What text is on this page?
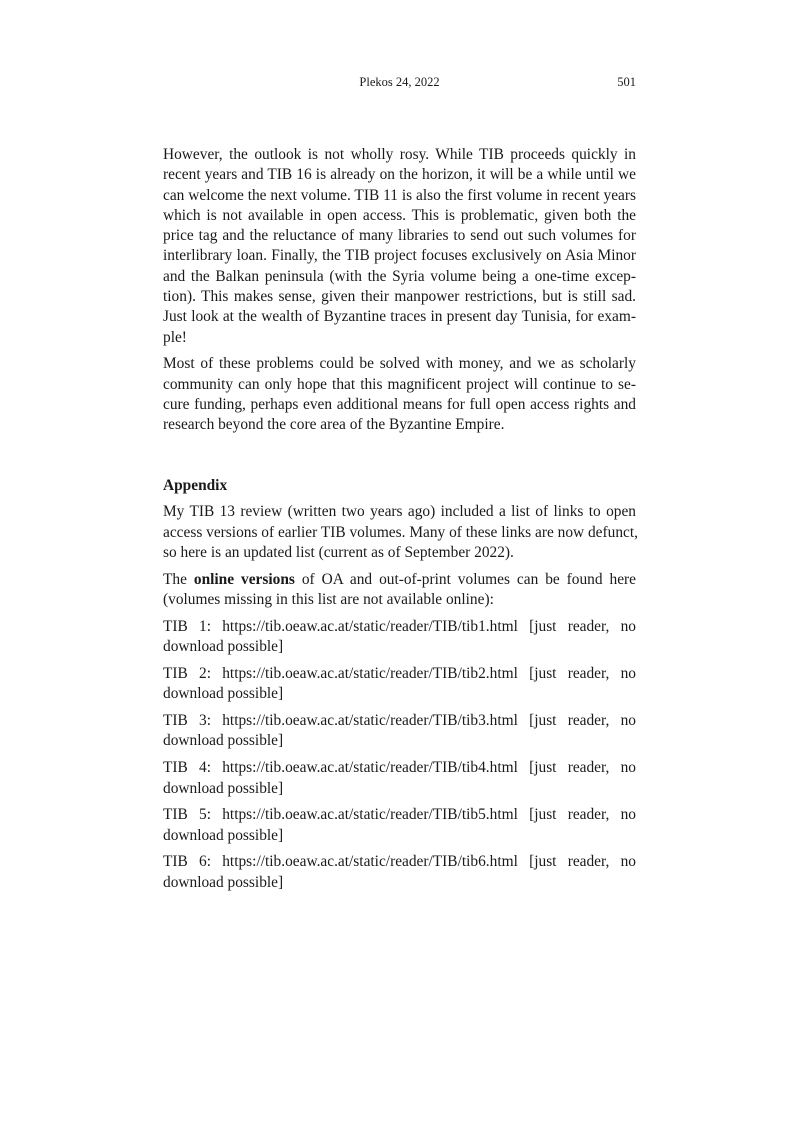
Plekos 24, 2022	501

However, the outlook is not wholly rosy. While TIB proceeds quickly in
recent years and TIB 16 is already on the horizon, it will be a while until we
can welcome the next volume. TIB 11 is also the first volume in recent years
which is not available in open access. This is problematic, given both the
price tag and the reluctance of many libraries to send out such volumes for
interlibrary loan. Finally, the TIB project focuses exclusively on Asia Minor
and the Balkan peninsula (with the Syria volume being a one-time excep-
tion). This makes sense, given their manpower restrictions, but is still sad.
Just look at the wealth of Byzantine traces in present day Tunisia, for exam-
ple!

Most of these problems could be solved with money, and we as scholarly
community can only hope that this magnificent project will continue to se-
cure funding, perhaps even additional means for full open access rights and
research beyond the core area of the Byzantine Empire.

Appendix

My TIB 13 review (written two years ago) included a list of links to open
access versions of earlier TIB volumes. Many of these links are now defunct,
so here is an updated list (current as of September 2022).

The online versions of OA and out-of-print volumes can be found here
(volumes missing in this list are not available online):

TIB 1: https://tib.oeaw.ac.at/static/reader/TIB/tib1.html [just reader, no
download possible]

TIB 2: https://tib.oeaw.ac.at/static/reader/TIB/tib2.html [just reader, no
download possible]

TIB 3: https://tib.oeaw.ac.at/static/reader/TIB/tib3.html [just reader, no
download possible]

TIB 4: https://tib.oeaw.ac.at/static/reader/TIB/tib4.html [just reader, no
download possible]

TIB 5: https://tib.oeaw.ac.at/static/reader/TIB/tib5.html [just reader, no
download possible]

TIB 6: https://tib.oeaw.ac.at/static/reader/TIB/tib6.html [just reader, no
download possible]
